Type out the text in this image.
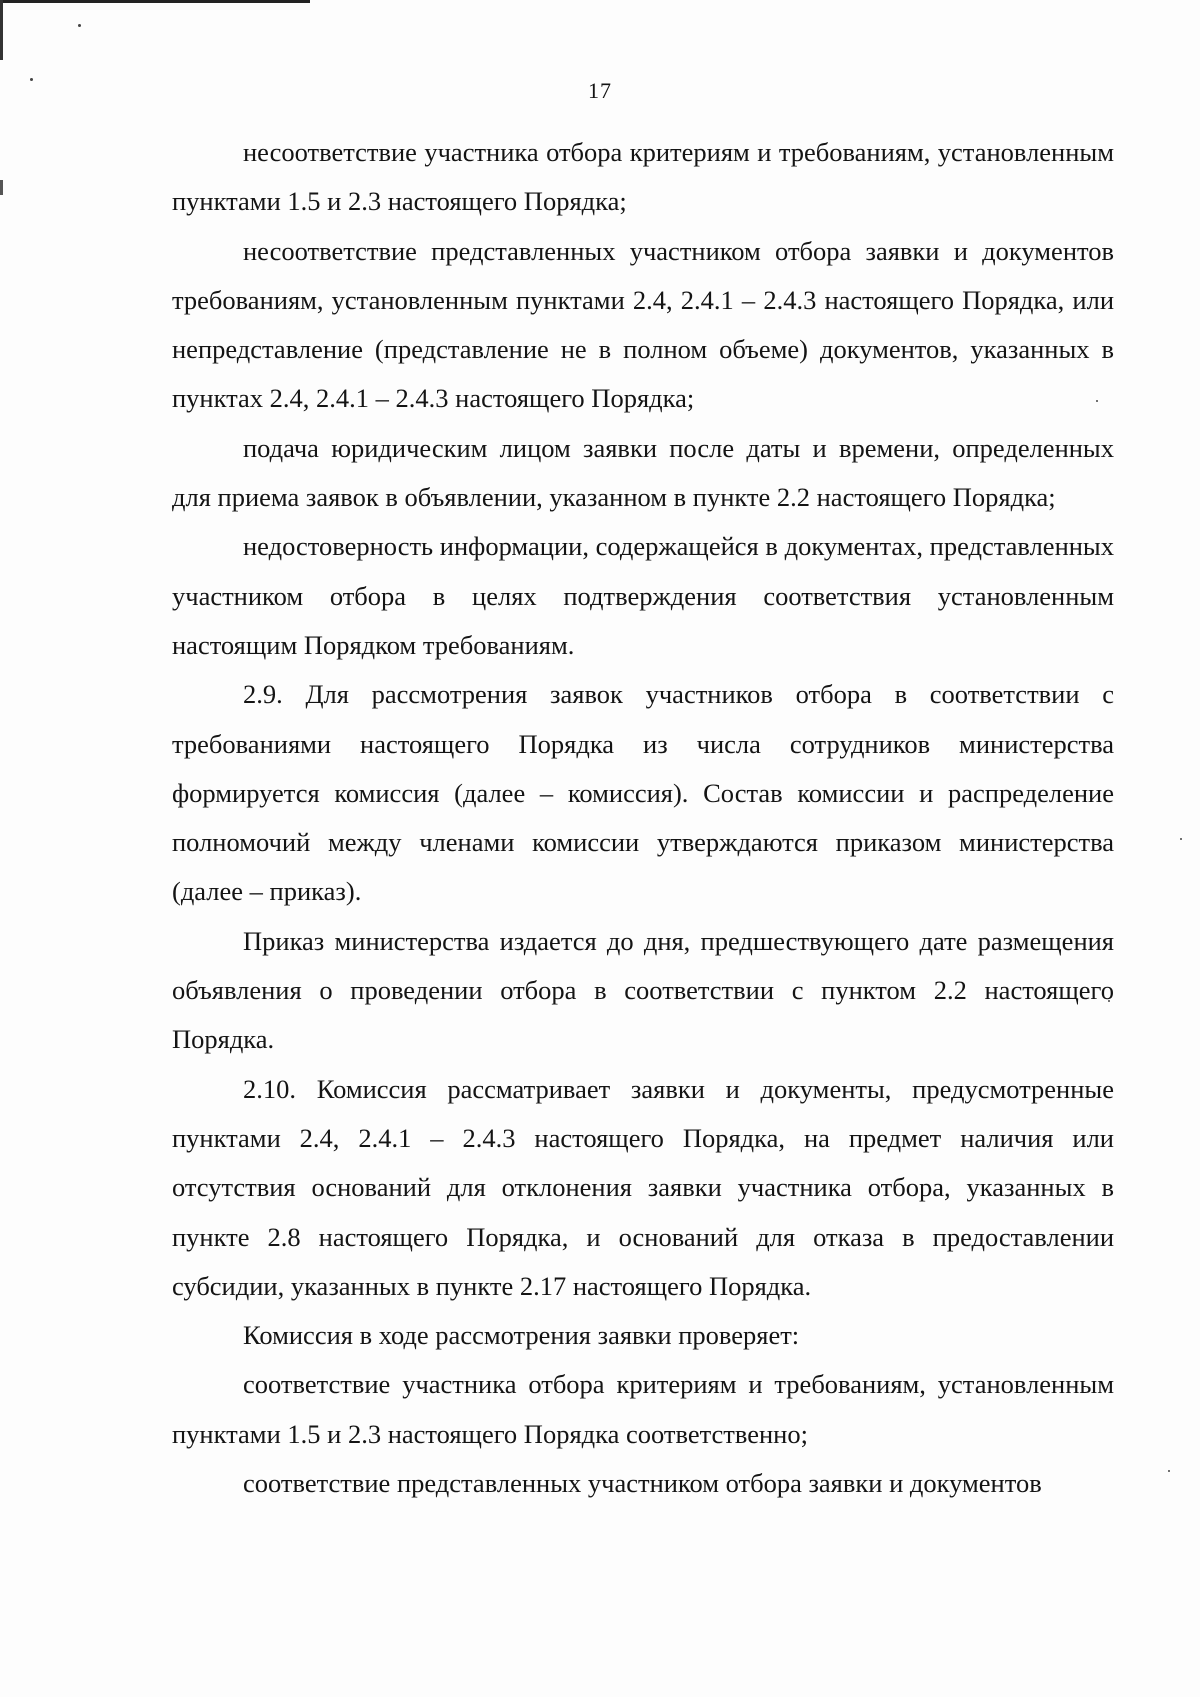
17

несоответствие участника отбора критериям и требованиям, установленным пунктами 1.5 и 2.3 настоящего Порядка;

несоответствие представленных участником отбора заявки и документов требованиям, установленным пунктами 2.4, 2.4.1 – 2.4.3 настоящего Порядка, или непредставление (представление не в полном объеме) документов, указанных в пунктах 2.4, 2.4.1 – 2.4.3 настоящего Порядка;

подача юридическим лицом заявки после даты и времени, определенных для приема заявок в объявлении, указанном в пункте 2.2 настоящего Порядка;

недостоверность информации, содержащейся в документах, представленных участником отбора в целях подтверждения соответствия установленным настоящим Порядком требованиям.

2.9. Для рассмотрения заявок участников отбора в соответствии с требованиями настоящего Порядка из числа сотрудников министерства формируется комиссия (далее – комиссия). Состав комиссии и распределение полномочий между членами комиссии утверждаются приказом министерства (далее – приказ).

Приказ министерства издается до дня, предшествующего дате размещения объявления о проведении отбора в соответствии с пунктом 2.2 настоящего Порядка.

2.10. Комиссия рассматривает заявки и документы, предусмотренные пунктами 2.4, 2.4.1 – 2.4.3 настоящего Порядка, на предмет наличия или отсутствия оснований для отклонения заявки участника отбора, указанных в пункте 2.8 настоящего Порядка, и оснований для отказа в предоставлении субсидии, указанных в пункте 2.17 настоящего Порядка.

Комиссия в ходе рассмотрения заявки проверяет:

соответствие участника отбора критериям и требованиям, установленным пунктами 1.5 и 2.3 настоящего Порядка соответственно;

соответствие представленных участником отбора заявки и документов
